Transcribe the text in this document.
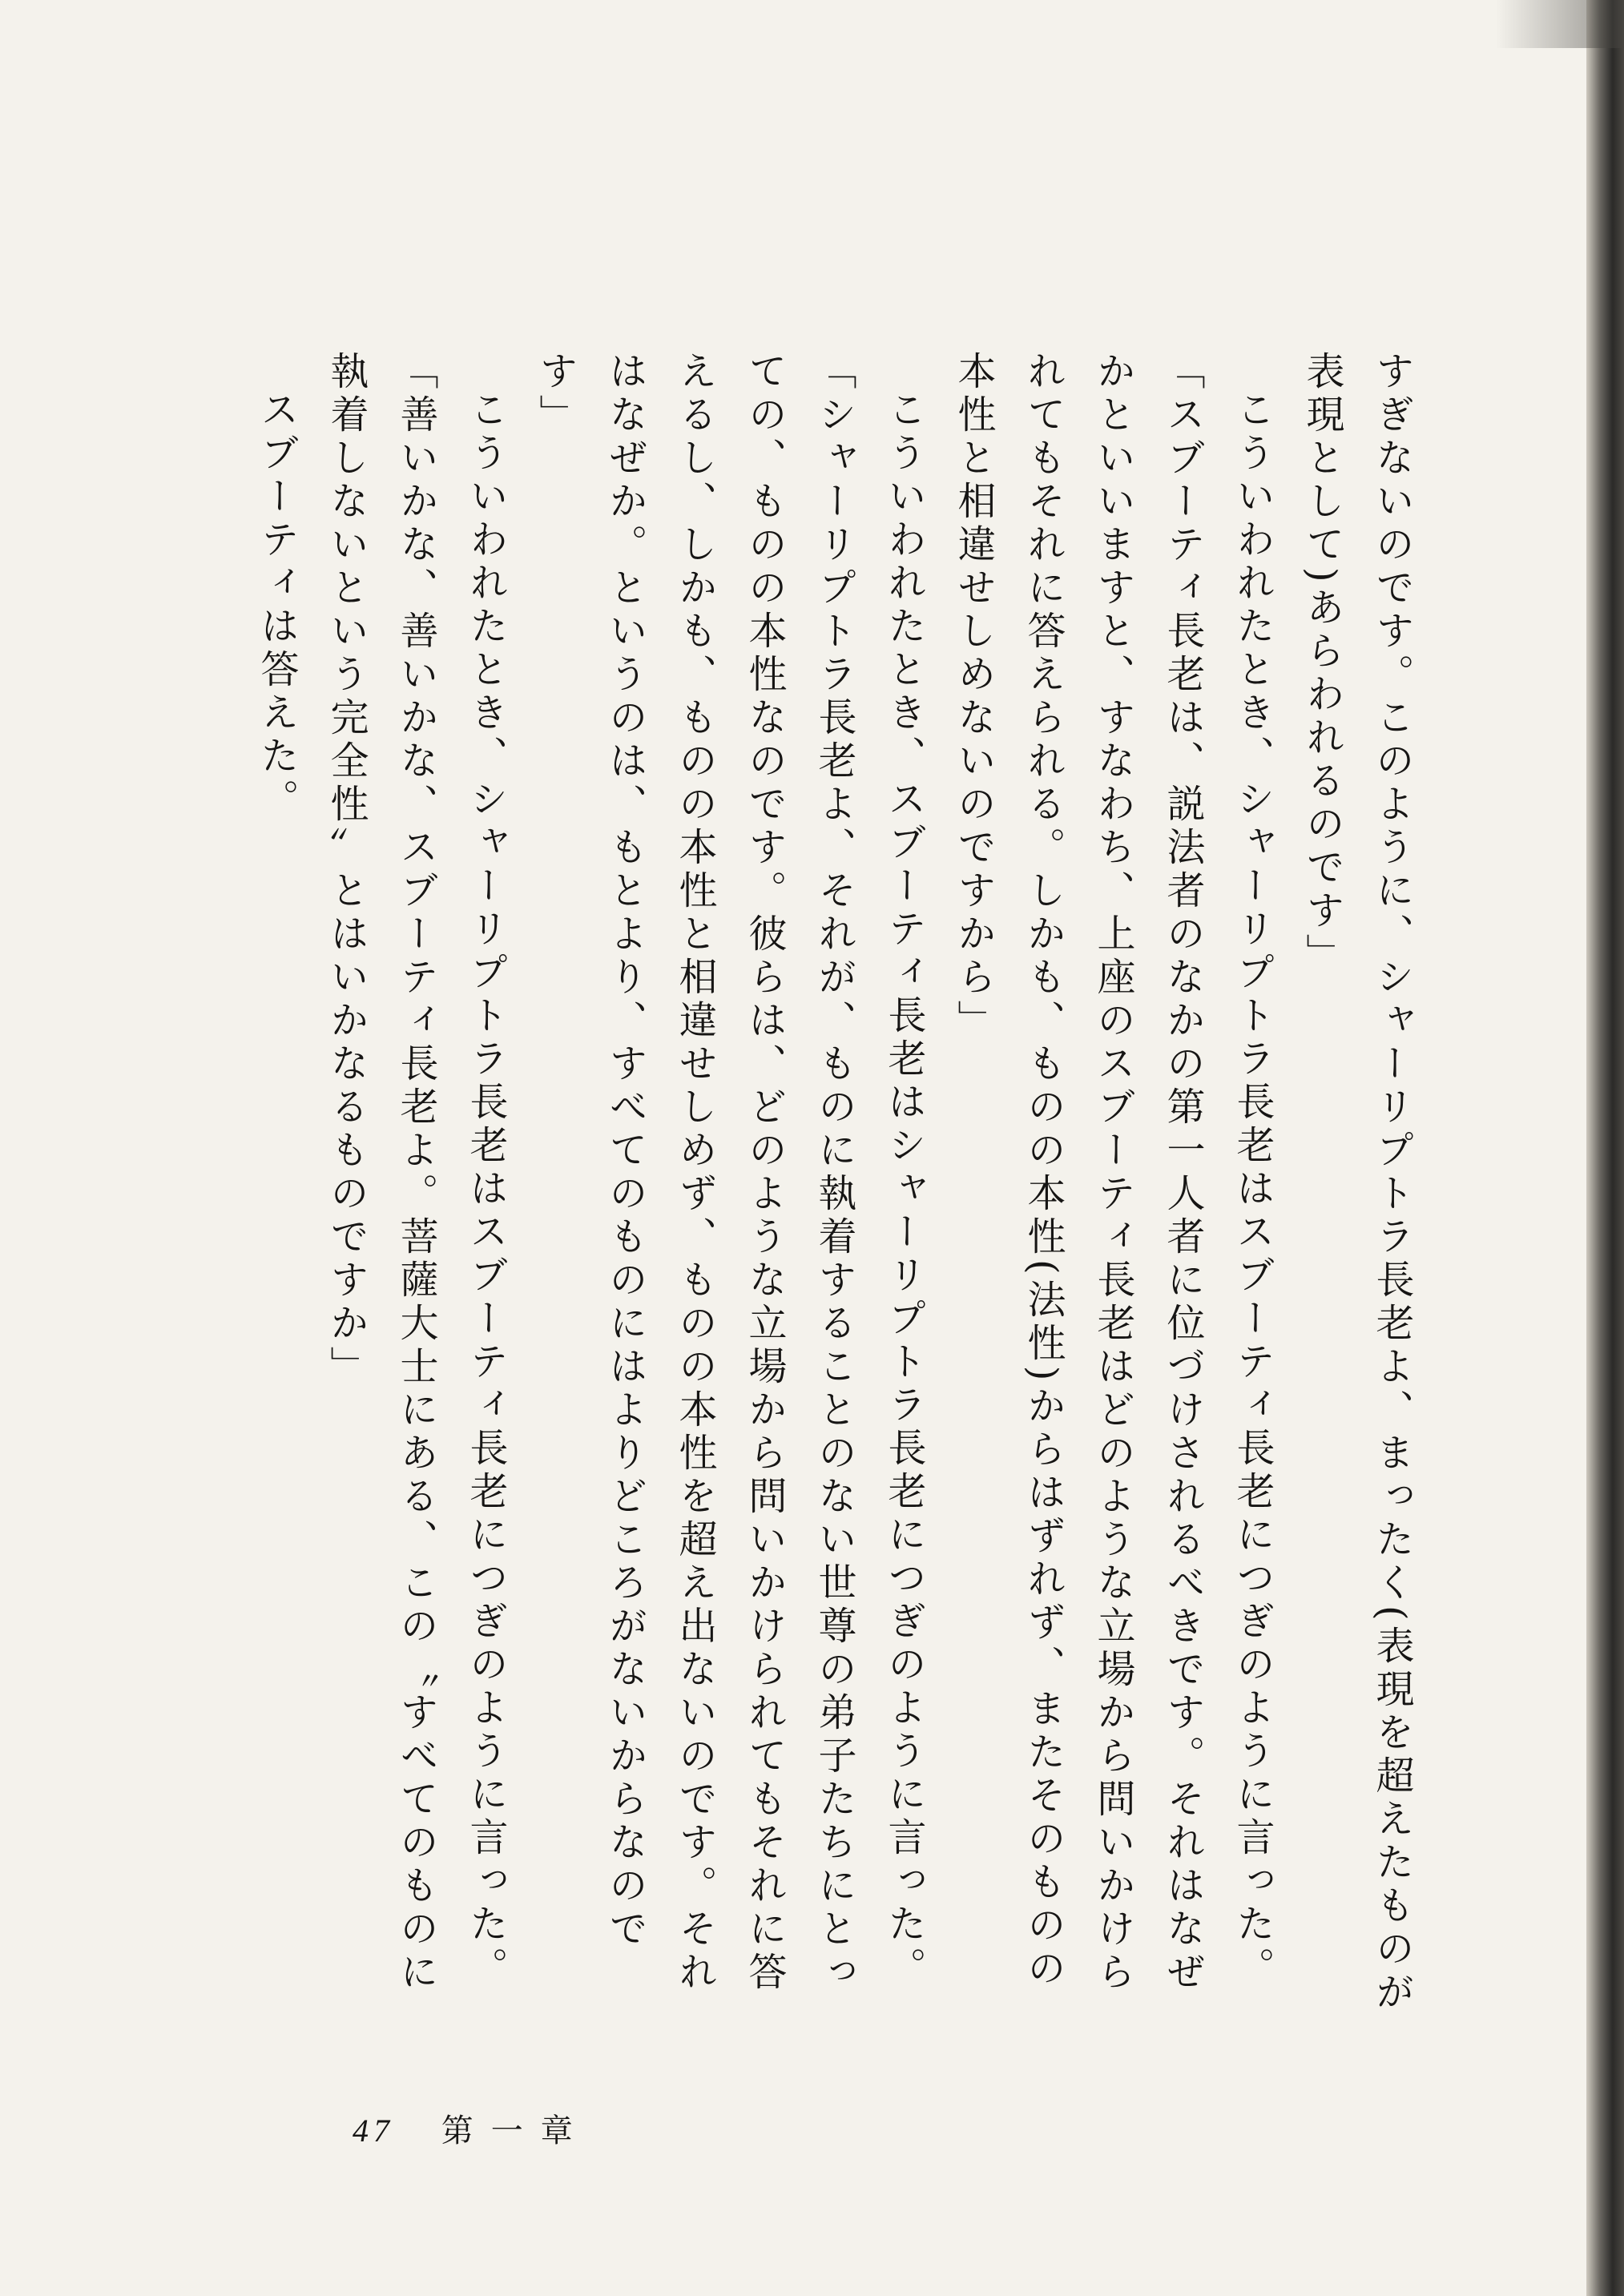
すぎないのです。このように、シャーリプトラ長老よ、まったく(表現を超えたものが表現として)あらわれるのです」

こういわれたとき、シャーリプトラ長老はスブーティ長老につぎのように言った。

「スブーティ長老は、説法者のなかの第一人者に位づけされるべきです。それはなぜかといいますと、すなわち、上座のスブーティ長老はどのような立場から問いかけられてもそれに答えられる。しかも、ものの本性(法性)からはずれず、またそのものの本性と相違せしめないのですから」

こういわれたとき、スブーティ長老はシャーリプトラ長老につぎのように言った。

「シャーリプトラ長老よ、それが、ものに執着することのない世尊の弟子たちにとっての、ものの本性なのです。彼らは、どのような立場から問いかけられてもそれに答えるし、しかも、ものの本性と相違せしめず、ものの本性を超え出ないのです。それはなぜか。というのは、もとより、すべてのものにはよりどころがないからなのです」

こういわれたとき、シャーリプトラ長老はスブーティ長老につぎのように言った。

「善いかな、善いかな、スブーティ長老よ。菩薩大士にある、この〝すべてのものに執着しないという完全性〟とはいかなるものですか」

スブーティは答えた。

47 第一章
